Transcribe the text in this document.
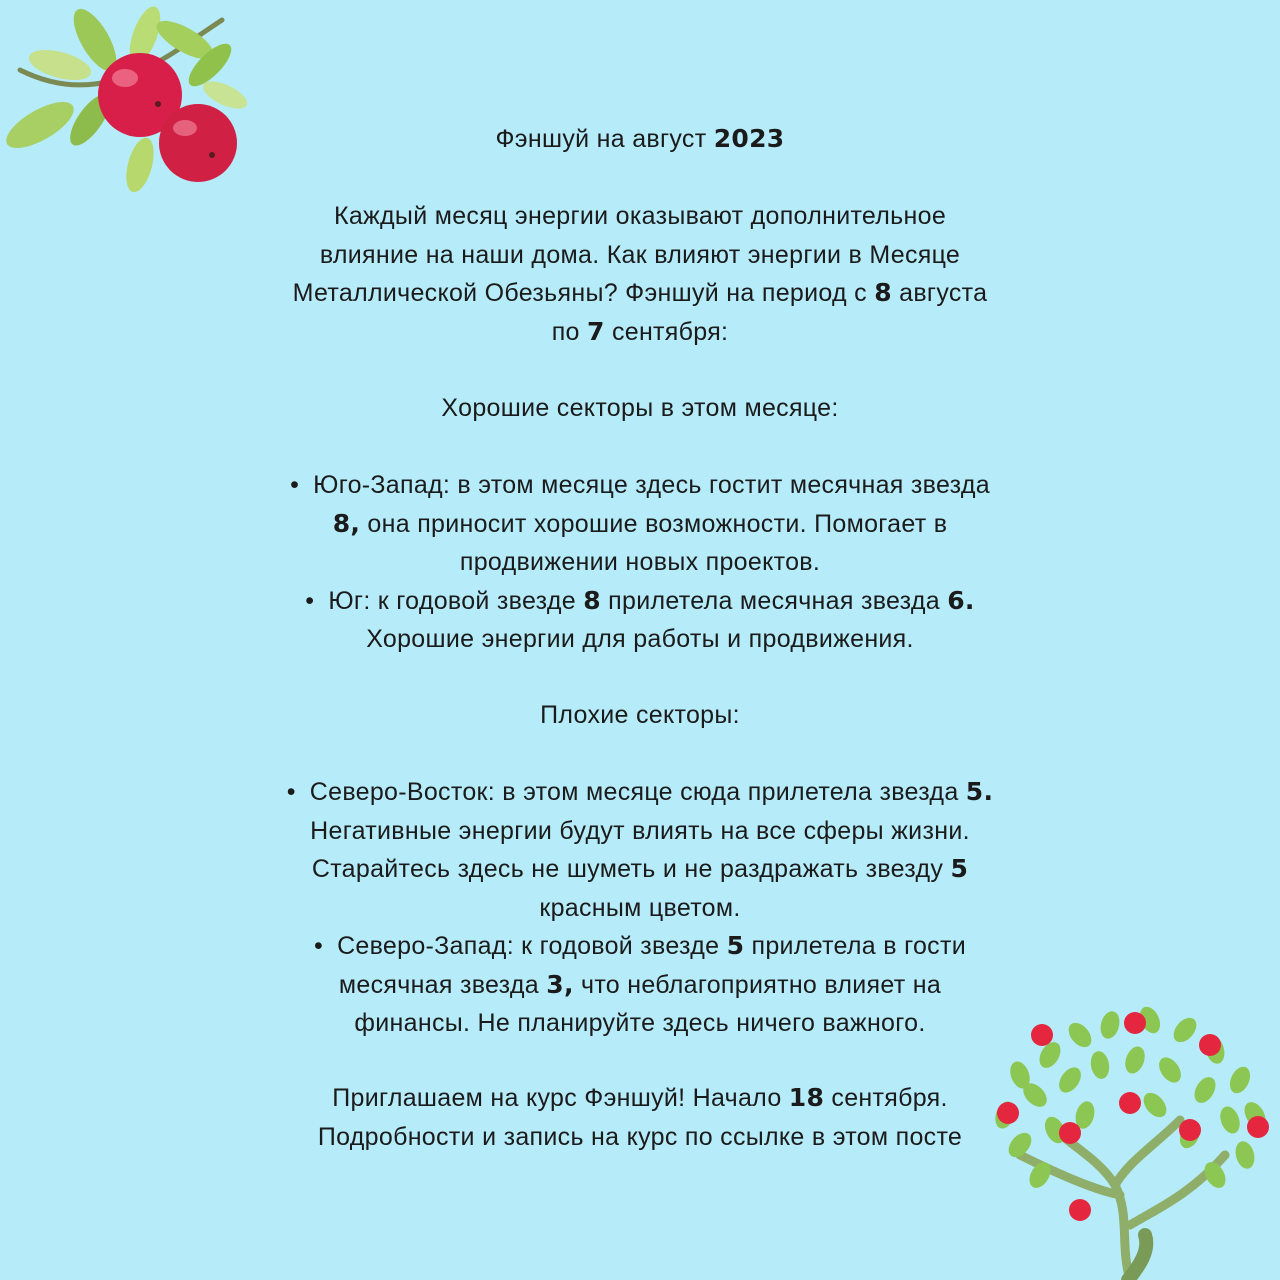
Фэншуй на август 2023
Каждый месяц энергии оказывают дополнительное
влияние на наши дома. Как влияют энергии в Месяце
Металлической Обезьяны? Фэншуй на период с 8 августа
по 7 сентября:
Хорошие секторы в этом месяце:
• Юго-Запад: в этом месяце здесь гостит месячная звезда
8, она приносит хорошие возможности. Помогает в
продвижении новых проектов.
• Юг: к годовой звезде 8 прилетела месячная звезда 6.
Хорошие энергии для работы и продвижения.
Плохие секторы:
• Северо-Восток: в этом месяце сюда прилетела звезда 5.
Негативные энергии будут влиять на все сферы жизни.
Старайтесь здесь не шуметь и не раздражать звезду 5
красным цветом.
• Северо-Запад: к годовой звезде 5 прилетела в гости
месячная звезда 3, что неблагоприятно влияет на
финансы. Не планируйте здесь ничего важного.
Приглашаем на курс Фэншуй! Начало 18 сентября.
Подробности и запись на курс по ссылке в этом посте
